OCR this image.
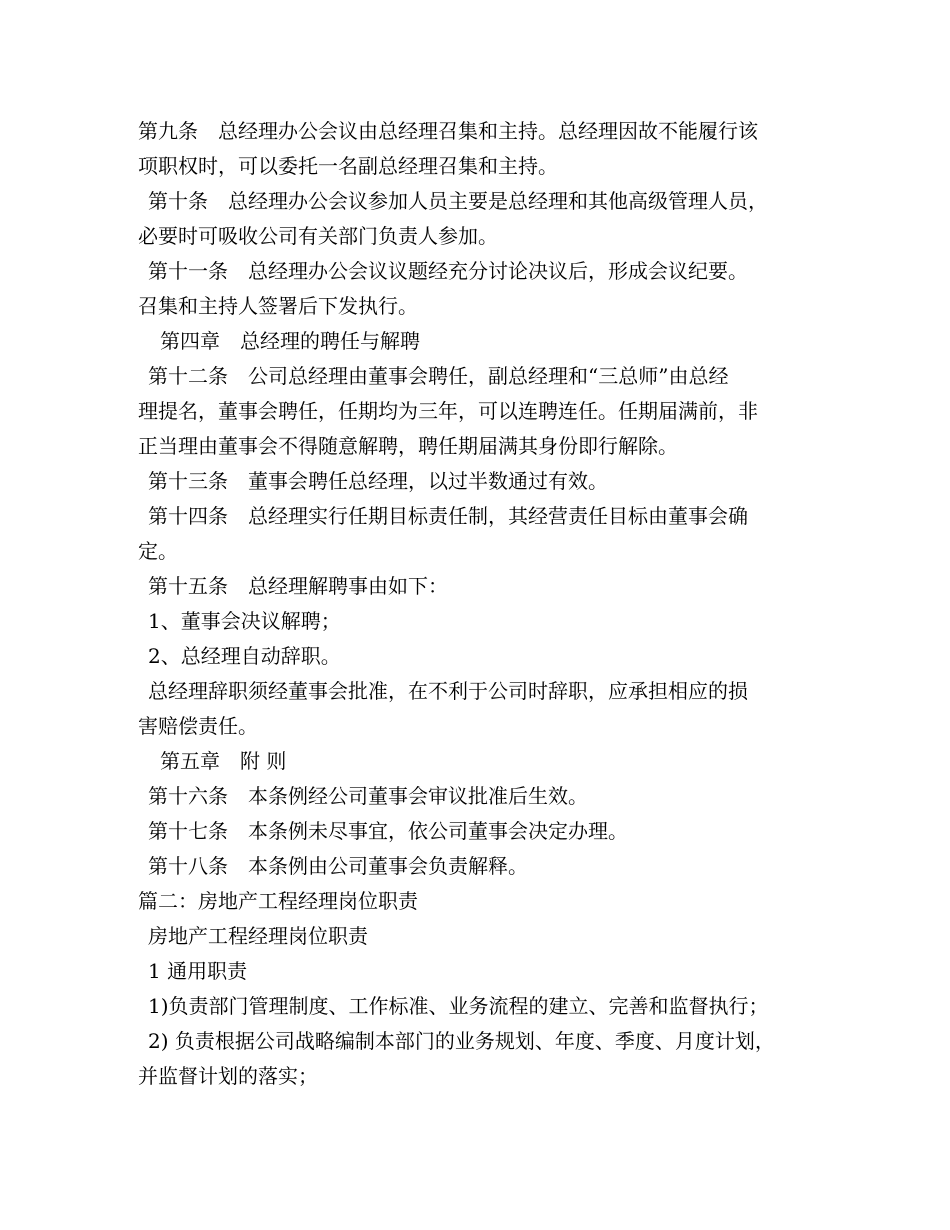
第九条　总经理办公会议由总经理召集和主持。总经理因故不能履行该
项职权时，可以委托一名副总经理召集和主持。
第十条　总经理办公会议参加人员主要是总经理和其他高级管理人员，
必要时可吸收公司有关部门负责人参加。
第十一条　总经理办公会议议题经充分讨论决议后，形成会议纪要。
召集和主持人签署后下发执行。
第四章　总经理的聘任与解聘
第十二条　公司总经理由董事会聘任，副总经理和“三总师”由总经
理提名，董事会聘任，任期均为三年，可以连聘连任。任期届满前，非
正当理由董事会不得随意解聘，聘任期届满其身份即行解除。
第十三条　董事会聘任总经理，以过半数通过有效。
第十四条　总经理实行任期目标责任制，其经营责任目标由董事会确
定。
第十五条　总经理解聘事由如下：
1、董事会决议解聘；
2、总经理自动辞职。
总经理辞职须经董事会批准，在不利于公司时辞职，应承担相应的损
害赔偿责任。
第五章　附 则
第十六条　本条例经公司董事会审议批准后生效。
第十七条　本条例未尽事宜，依公司董事会决定办理。
第十八条　本条例由公司董事会负责解释。
篇二：房地产工程经理岗位职责
房地产工程经理岗位职责
1 通用职责
1)负责部门管理制度、工作标准、业务流程的建立、完善和监督执行；
2) 负责根据公司战略编制本部门的业务规划、年度、季度、月度计划，
并监督计划的落实；
